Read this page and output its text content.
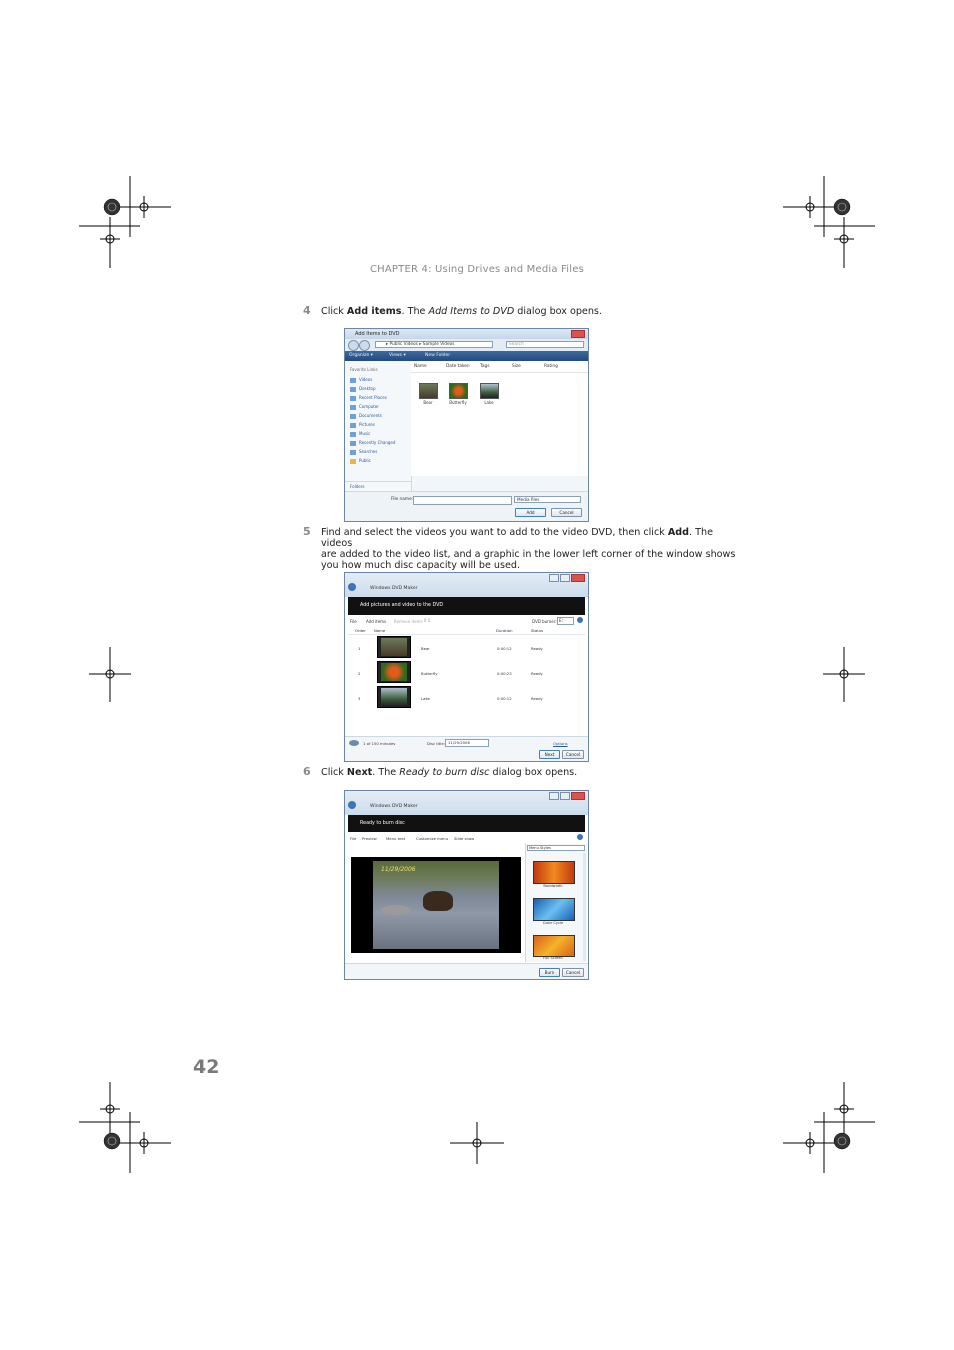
CHAPTER 4: Using Drives and Media Files
4 Click Add items. The Add Items to DVD dialog box opens.
Add Items to DVD
▸ Public Videos ▸ Sample Videos	Search
Organize ▾	Views ▾	New Folder
Favorite Links
Videos
Desktop
Recent Places
Computer
Documents
Pictures
Music
Recently Changed
Searches
Public
Folders
Name	Date taken Tags	Size	Rating
Bear	Butterfly	Lake
File name:	Media files
Add	Cancel
5 Find and select the videos you want to add to the video DVD, then click Add. The videos
are added to the video list, and a graphic in the lower left corner of the window shows
you how much disc capacity will be used.
Windows DVD Maker
Add pictures and video to the DVD
File Add items Remove items ⇧⇩	DVD burner: E:
Order Name	Duration	Status
1	Bear	0:00:12	Ready
2	Butterfly	0:00:23	Ready
3	Lake	0:00:12	Ready
1 of 150 minutes	Disc title: 11/29/2006	Options
Next	Cancel
6 Click Next. The Ready to burn disc dialog box opens.
Windows DVD Maker
Ready to burn disc
File Preview Menu text	Customize menu Slide show
11/29/2006
Menu Styles
Bandwidth
Color Cycle
Full Screen
Burn	Cancel
42
